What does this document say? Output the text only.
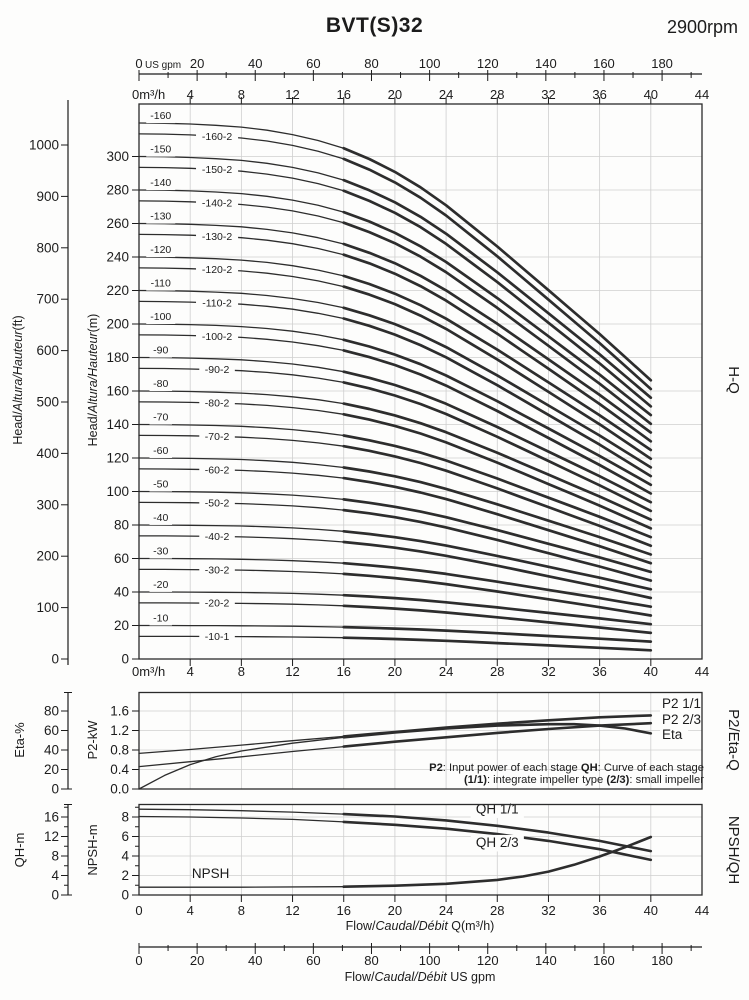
BVT(S)32	2900rpm
0 US gpm 20	40	60	80	100	120	140	160	180
0m³/h 4	8	12	16	20	24	28	32	36	40	44
-160
-160-2
-150
-150-2
-140
-140-2
-130
-130-2
-120
-120-2
-110
-110-2
-100
-100-2
-90
-90-2
-80
-80-2
-70
-70-2
-60
-60-2
-50
-50-2
-40
-40-2
-30
-30-2
-20
-20-2
-10
-10-1
0
20
40
60
80
100
120
140
160
180
200
220
240
260
280
300
0
100
200
300
400
500
600
700
800
900
1000
4	8	12	16	20	24	28	32	36	40	44
0m³/h
Head/Altura/Hauteur(ft)
Head/Altura/Hauteur(m)
H-Q
P2 1/1
P2 2/3
Eta
P2: Input power of each stage QH: Curve of each stage
(1/1): integrate impeller type (2/3): small impeller
0.0
0.4
0.8
1.2
1.6
0
20
40
60
80
Eta-%	P2-kW	P2/Eta-Q
QH 1/1
QH 2/3
NPSH
0
2
4
6
8
0
4
8
12
16
0	4	8	12	16	20	24	28	32	36	40	44
Flow/Caudal/Débit Q(m³/h)
0	20	40	60	80	100	120	140	160	180
Flow/Caudal/Débit US gpm
QH-m	NPSH-m	NPSH/QH
